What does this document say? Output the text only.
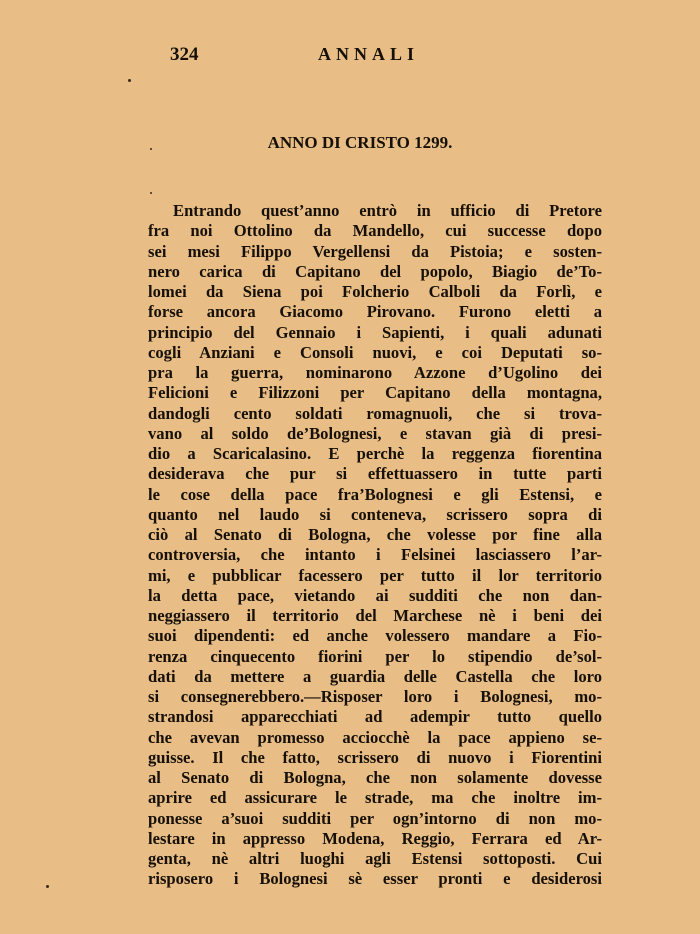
324	ANNALI
ANNO DI CRISTO 1299.
Entrando quest’anno entrò in ufficio di Pretore
fra noi Ottolino da Mandello, cui successe dopo
sei mesi Filippo Vergellensi da Pistoia; e sosten-
nero carica di Capitano del popolo, Biagio de’To-
lomei da Siena poi Folcherio Calboli da Forlì, e
forse ancora Giacomo Pirovano. Furono eletti a
principio del Gennaio i Sapienti, i quali adunati
cogli Anziani e Consoli nuovi, e coi Deputati so-
pra la guerra, nominarono Azzone d’Ugolino dei
Felicioni e Filizzoni per Capitano della montagna,
dandogli cento soldati romagnuoli, che si trova-
vano al soldo de’Bolognesi, e stavan già di presi-
dio a Scaricalasino. E perchè la reggenza fiorentina
desiderava che pur si effettuassero in tutte parti
le cose della pace fra’Bolognesi e gli Estensi, e
quanto nel laudo si conteneva, scrissero sopra di
ciò al Senato di Bologna, che volesse por fine alla
controversia, che intanto i Felsinei lasciassero l’ar-
mi, e pubblicar facessero per tutto il lor territorio
la detta pace, vietando ai sudditi che non dan-
neggiassero il territorio del Marchese nè i beni dei
suoi dipendenti: ed anche volessero mandare a Fio-
renza cinquecento fiorini per lo stipendio de’sol-
dati da mettere a guardia delle Castella che loro
si consegnerebbero.—Risposer loro i Bolognesi, mo-
strandosi apparecchiati ad adempir tutto quello
che avevan promesso acciocchè la pace appieno se-
guisse. Il che fatto, scrissero di nuovo i Fiorentini
al Senato di Bologna, che non solamente dovesse
aprire ed assicurare le strade, ma che inoltre im-
ponesse a’suoi sudditi per ogn’intorno di non mo-
lestare in appresso Modena, Reggio, Ferrara ed Ar-
genta, nè altri luoghi agli Estensi sottoposti. Cui
risposero i Bolognesi sè esser pronti e desiderosi
